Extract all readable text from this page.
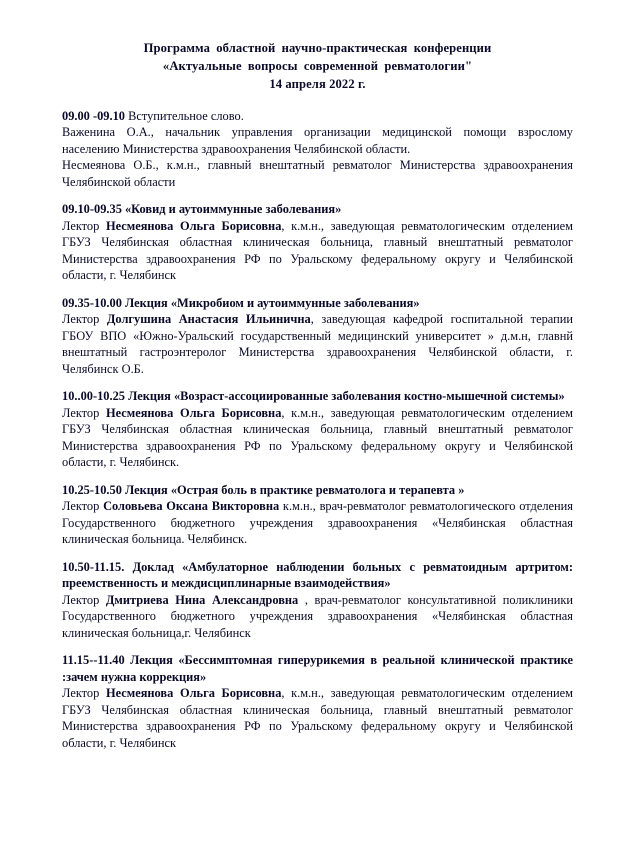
Программа областной научно-практическая конференции
«Актуальные вопросы современной ревматологии"
14 апреля 2022 г.

09.00 -09.10 Вступительное слово.

Важенина О.А., начальник управления организации медицинской помощи взрослому населению Министерства здравоохранения Челябинской области.

Несмеянова О.Б., к.м.н., главный внештатный ревматолог Министерства здравоохранения Челябинской области

09.10-09.35 «Ковид и аутоиммунные заболевания»

Лектор Несмеянова Ольга Борисовна, к.м.н., заведующая ревматологическим отделением ГБУЗ Челябинская областная клиническая больница, главный внештатный ревматолог Министерства здравоохранения РФ по Уральскому федеральному округу и Челябинской области, г. Челябинск

09.35-10.00 Лекция «Микробиом и аутоиммунные заболевания»

Лектор Долгушина Анастасия Ильинична, заведующая кафедрой госпитальной терапии ГБОУ ВПО «Южно-Уральский государственный медицинский университет » д.м.н, главнй внештатный гастроэнтеролог Министерства здравоохранения Челябинской области, г. Челябинск О.Б.

10..00-10.25 Лекция «Возраст-ассоциированные заболевания костно-мышечной системы»

Лектор Несмеянова Ольга Борисовна, к.м.н., заведующая ревматологическим отделением ГБУЗ Челябинская областная клиническая больница, главный внештатный ревматолог Министерства здравоохранения РФ по Уральскому федеральному округу и Челябинской области, г. Челябинск.

10.25-10.50 Лекция «Острая боль в практике ревматолога и терапевта »

Лектор Соловьева Оксана Викторовна к.м.н., врач-ревматолог ревматологического отделения Государственного бюджетного учреждения здравоохранения «Челябинская областная клиническая больница. Челябинск.

10.50-11.15. Доклад «Амбулаторное наблюдении больных с ревматоидным артритом: преемственность и междисциплинарные взаимодействия»

Лектор Дмитриева Нина Александровна , врач-ревматолог консультативной поликлиники Государственного бюджетного учреждения здравоохранения «Челябинская областная клиническая больница,г. Челябинск

11.15--11.40 Лекция «Бессимптомная гиперурикемия в реальной клинической практике :зачем нужна коррекция»

Лектор Несмеянова Ольга Борисовна, к.м.н., заведующая ревматологическим отделением ГБУЗ Челябинская областная клиническая больница, главный внештатный ревматолог Министерства здравоохранения РФ по Уральскому федеральному округу и Челябинской области, г. Челябинск
